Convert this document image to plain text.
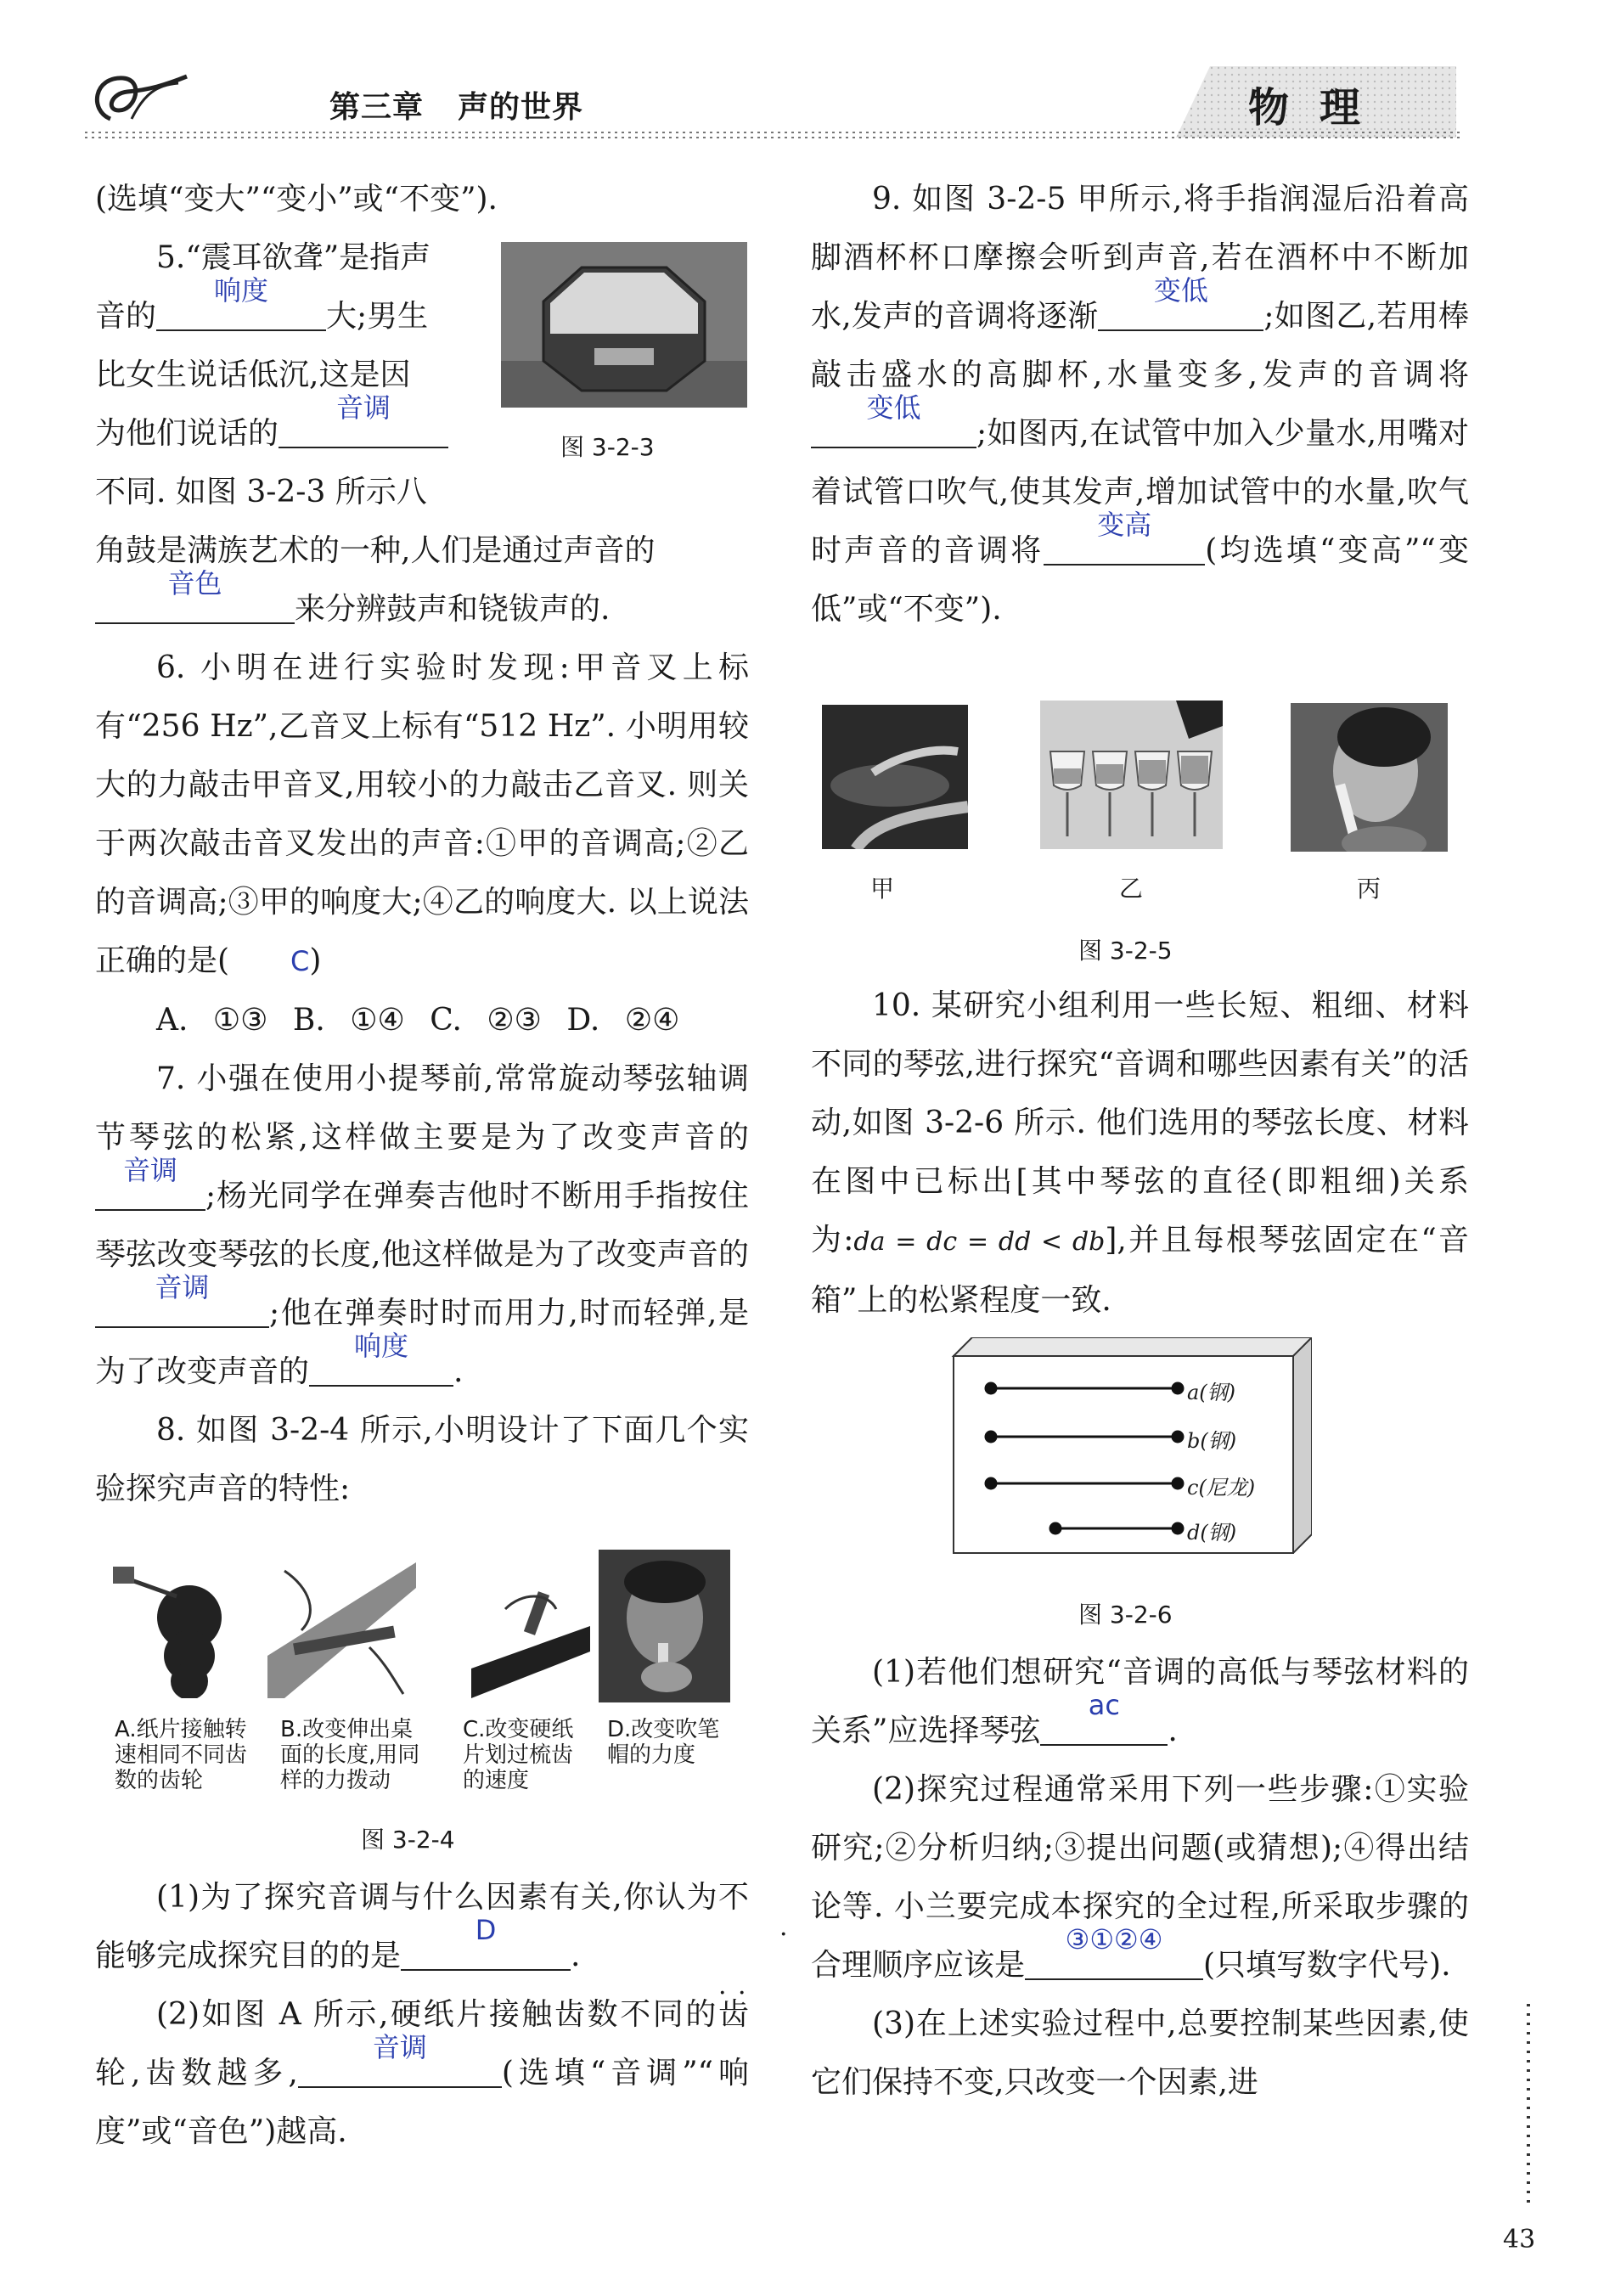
第三章 声的世界	物理

(选填“变大”“变小”或“不变”).

5.“震耳欲聋”是指声

音的
响度
大;男生

比女生说话低沉,这是因

为他们说话的
音调

不同. 如图 3-2-3 所示八

角鼓是满族艺术的一种,人们是通过声音的

音色
来分辨鼓声和铙钹声的.

6. 小明在进行实验时发现:甲音叉上标有“256 Hz”,乙音叉上标有“512 Hz”. 小明用较大的力敲击甲音叉,用较小的力敲击乙音叉. 则关于两次敲击音叉发出的声音:①甲的音调高;②乙的音调高;③甲的响度大;④乙的响度大. 以上说法正确的是( C)

A. ①③ B. ①④ C. ②③ D. ②④

7. 小强在使用小提琴前,常常旋动琴弦轴调节琴弦的松紧,这样做主要是为了改变声音的
音调
;杨光同学在弹奏吉他时不断用手指按住琴弦改变琴弦的长度,他这样做是为了改变声音的
音调
;他在弹奏时时而用力,时而轻弹,是为了改变声音的
响度
.

8. 如图 3-2-4 所示,小明设计了下面几个实验探究声音的特性:

图 3-2-3
A.纸片接触转速相同不同齿数的齿轮
B.改变伸出桌面的长度,用同样的力拨动
C.改变硬纸片划过梳齿的速度
D.改变吹笔帽的力度
图 3-2-4

(1)为了探究音调与什么因素有关,你认为不能 · · ·够完成探究目的的是
D
.

(2)如图 A 所示,硬纸片接触齿数不同的齿轮,齿数越多,
音调
(选填“音调”“响度”或“音色”)越高.

9. 如图 3-2-5 甲所示,将手指润湿后沿着高脚酒杯杯口摩擦会听到声音,若在酒杯中不断加水,发声的音调将逐渐
变低
;如图乙,若用棒敲击盛水的高脚杯,水量变多,发声的音调将
变低
;如图丙,在试管中加入少量水,用嘴对着试管口吹气,使其发声,增加试管中的水量,吹气时声音的音调将
变高
(均选填“变高”“变低”或“不变”).

甲	乙	丙
图 3-2-5

10. 某研究小组利用一些长短、粗细、材料不同的琴弦,进行探究“音调和哪些因素有关”的活动,如图 3-2-6 所示. 他们选用的琴弦长度、材料在图中已标出[其中琴弦的直径(即粗细)关系为:da = dc = dd < db],并且每根琴弦固定在“音箱”上的松紧程度一致.

a(钢)
b(钢)
c(尼龙)
d(钢)
图 3-2-6

(1)若他们想研究“音调的高低与琴弦材料的关系”应选择琴弦
ac
.

(2)探究过程通常采用下列一些步骤:①实验研究;②分析归纳;③提出问题(或猜想);④得出结论等. 小兰要完成本探究的全过程,所采取步骤的合理顺序应该是
③①②④
(只填写数字代号).

(3)在上述实验过程中,总要控制某些因素,使它们保持不变,只改变一个因素,进

43
